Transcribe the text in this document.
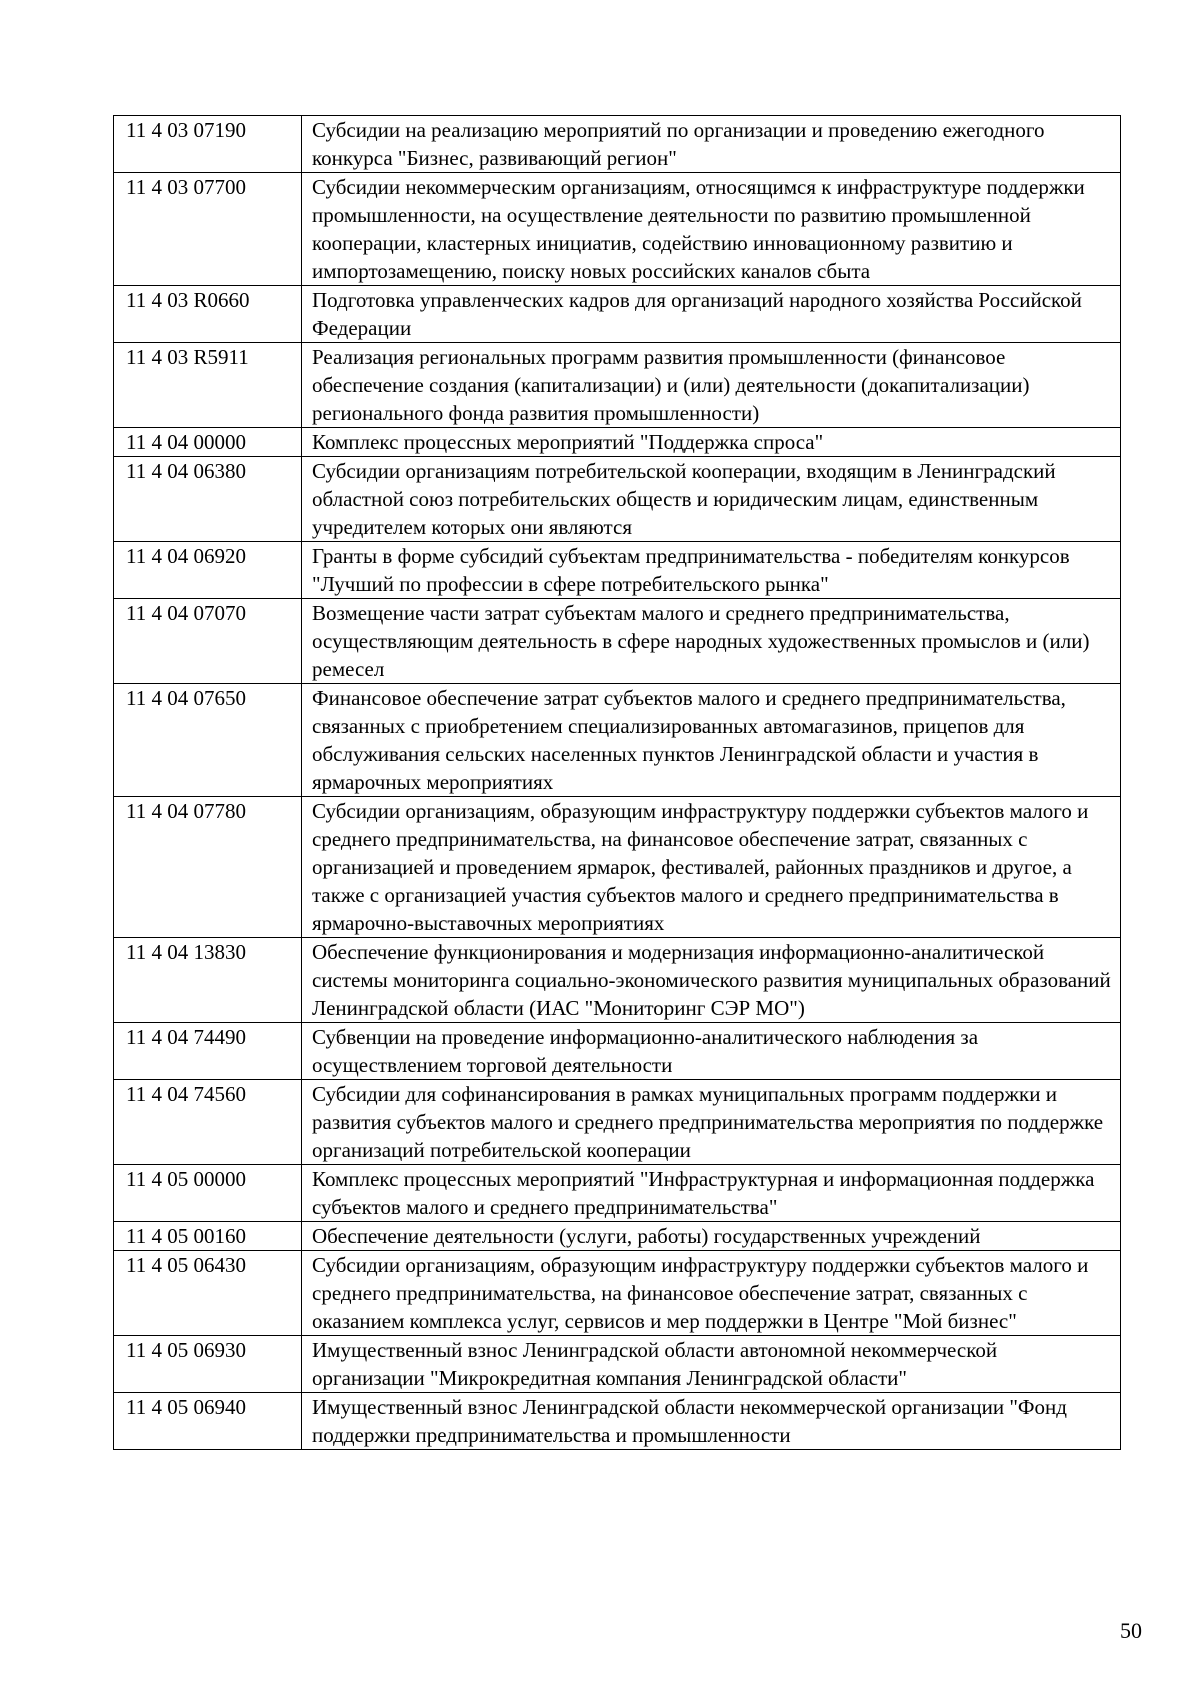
11 4 03 07190	Субсидии на реализацию мероприятий по организации и проведению ежегодного конкурса "Бизнес, развивающий регион"
11 4 03 07700	Субсидии некоммерческим организациям, относящимся к инфраструктуре поддержки промышленности, на осуществление деятельности по развитию промышленной кооперации, кластерных инициатив, содействию инновационному развитию и импортозамещению, поиску новых российских каналов сбыта
11 4 03 R0660	Подготовка управленческих кадров для организаций народного хозяйства Российской Федерации
11 4 03 R5911	Реализация региональных программ развития промышленности (финансовое обеспечение создания (капитализации) и (или) деятельности (докапитализации) регионального фонда развития промышленности)
11 4 04 00000	Комплекс процессных мероприятий "Поддержка спроса"
11 4 04 06380	Субсидии организациям потребительской кооперации, входящим в Ленинградский областной союз потребительских обществ и юридическим лицам, единственным учредителем которых они являются
11 4 04 06920	Гранты в форме субсидий субъектам предпринимательства - победителям конкурсов "Лучший по профессии в сфере потребительского рынка"
11 4 04 07070	Возмещение части затрат субъектам малого и среднего предпринимательства, осуществляющим деятельность в сфере народных художественных промыслов и (или) ремесел
11 4 04 07650	Финансовое обеспечение затрат субъектов малого и среднего предпринимательства, связанных с приобретением специализированных автомагазинов, прицепов для обслуживания сельских населенных пунктов Ленинградской области и участия в ярмарочных мероприятиях
11 4 04 07780	Субсидии организациям, образующим инфраструктуру поддержки субъектов малого и среднего предпринимательства, на финансовое обеспечение затрат, связанных с организацией и проведением ярмарок, фестивалей, районных праздников и другое, а также с организацией участия субъектов малого и среднего предпринимательства в ярмарочно-выставочных мероприятиях
11 4 04 13830	Обеспечение функционирования и модернизация информационно-аналитической системы мониторинга социально-экономического развития муниципальных образований Ленинградской области (ИАС "Мониторинг СЭР МО")
11 4 04 74490	Субвенции на проведение информационно-аналитического наблюдения за осуществлением торговой деятельности
11 4 04 74560	Субсидии для софинансирования в рамках муниципальных программ поддержки и развития субъектов малого и среднего предпринимательства мероприятия по поддержке организаций потребительской кооперации
11 4 05 00000	Комплекс процессных мероприятий "Инфраструктурная и информационная поддержка субъектов малого и среднего предпринимательства"
11 4 05 00160	Обеспечение деятельности (услуги, работы) государственных учреждений
11 4 05 06430	Субсидии организациям, образующим инфраструктуру поддержки субъектов малого и среднего предпринимательства, на финансовое обеспечение затрат, связанных с оказанием комплекса услуг, сервисов и мер поддержки в Центре "Мой бизнес"
11 4 05 06930	Имущественный взнос Ленинградской области автономной некоммерческой организации "Микрокредитная компания Ленинградской области"
11 4 05 06940	Имущественный взнос Ленинградской области некоммерческой организации "Фонд поддержки предпринимательства и промышленности
50
